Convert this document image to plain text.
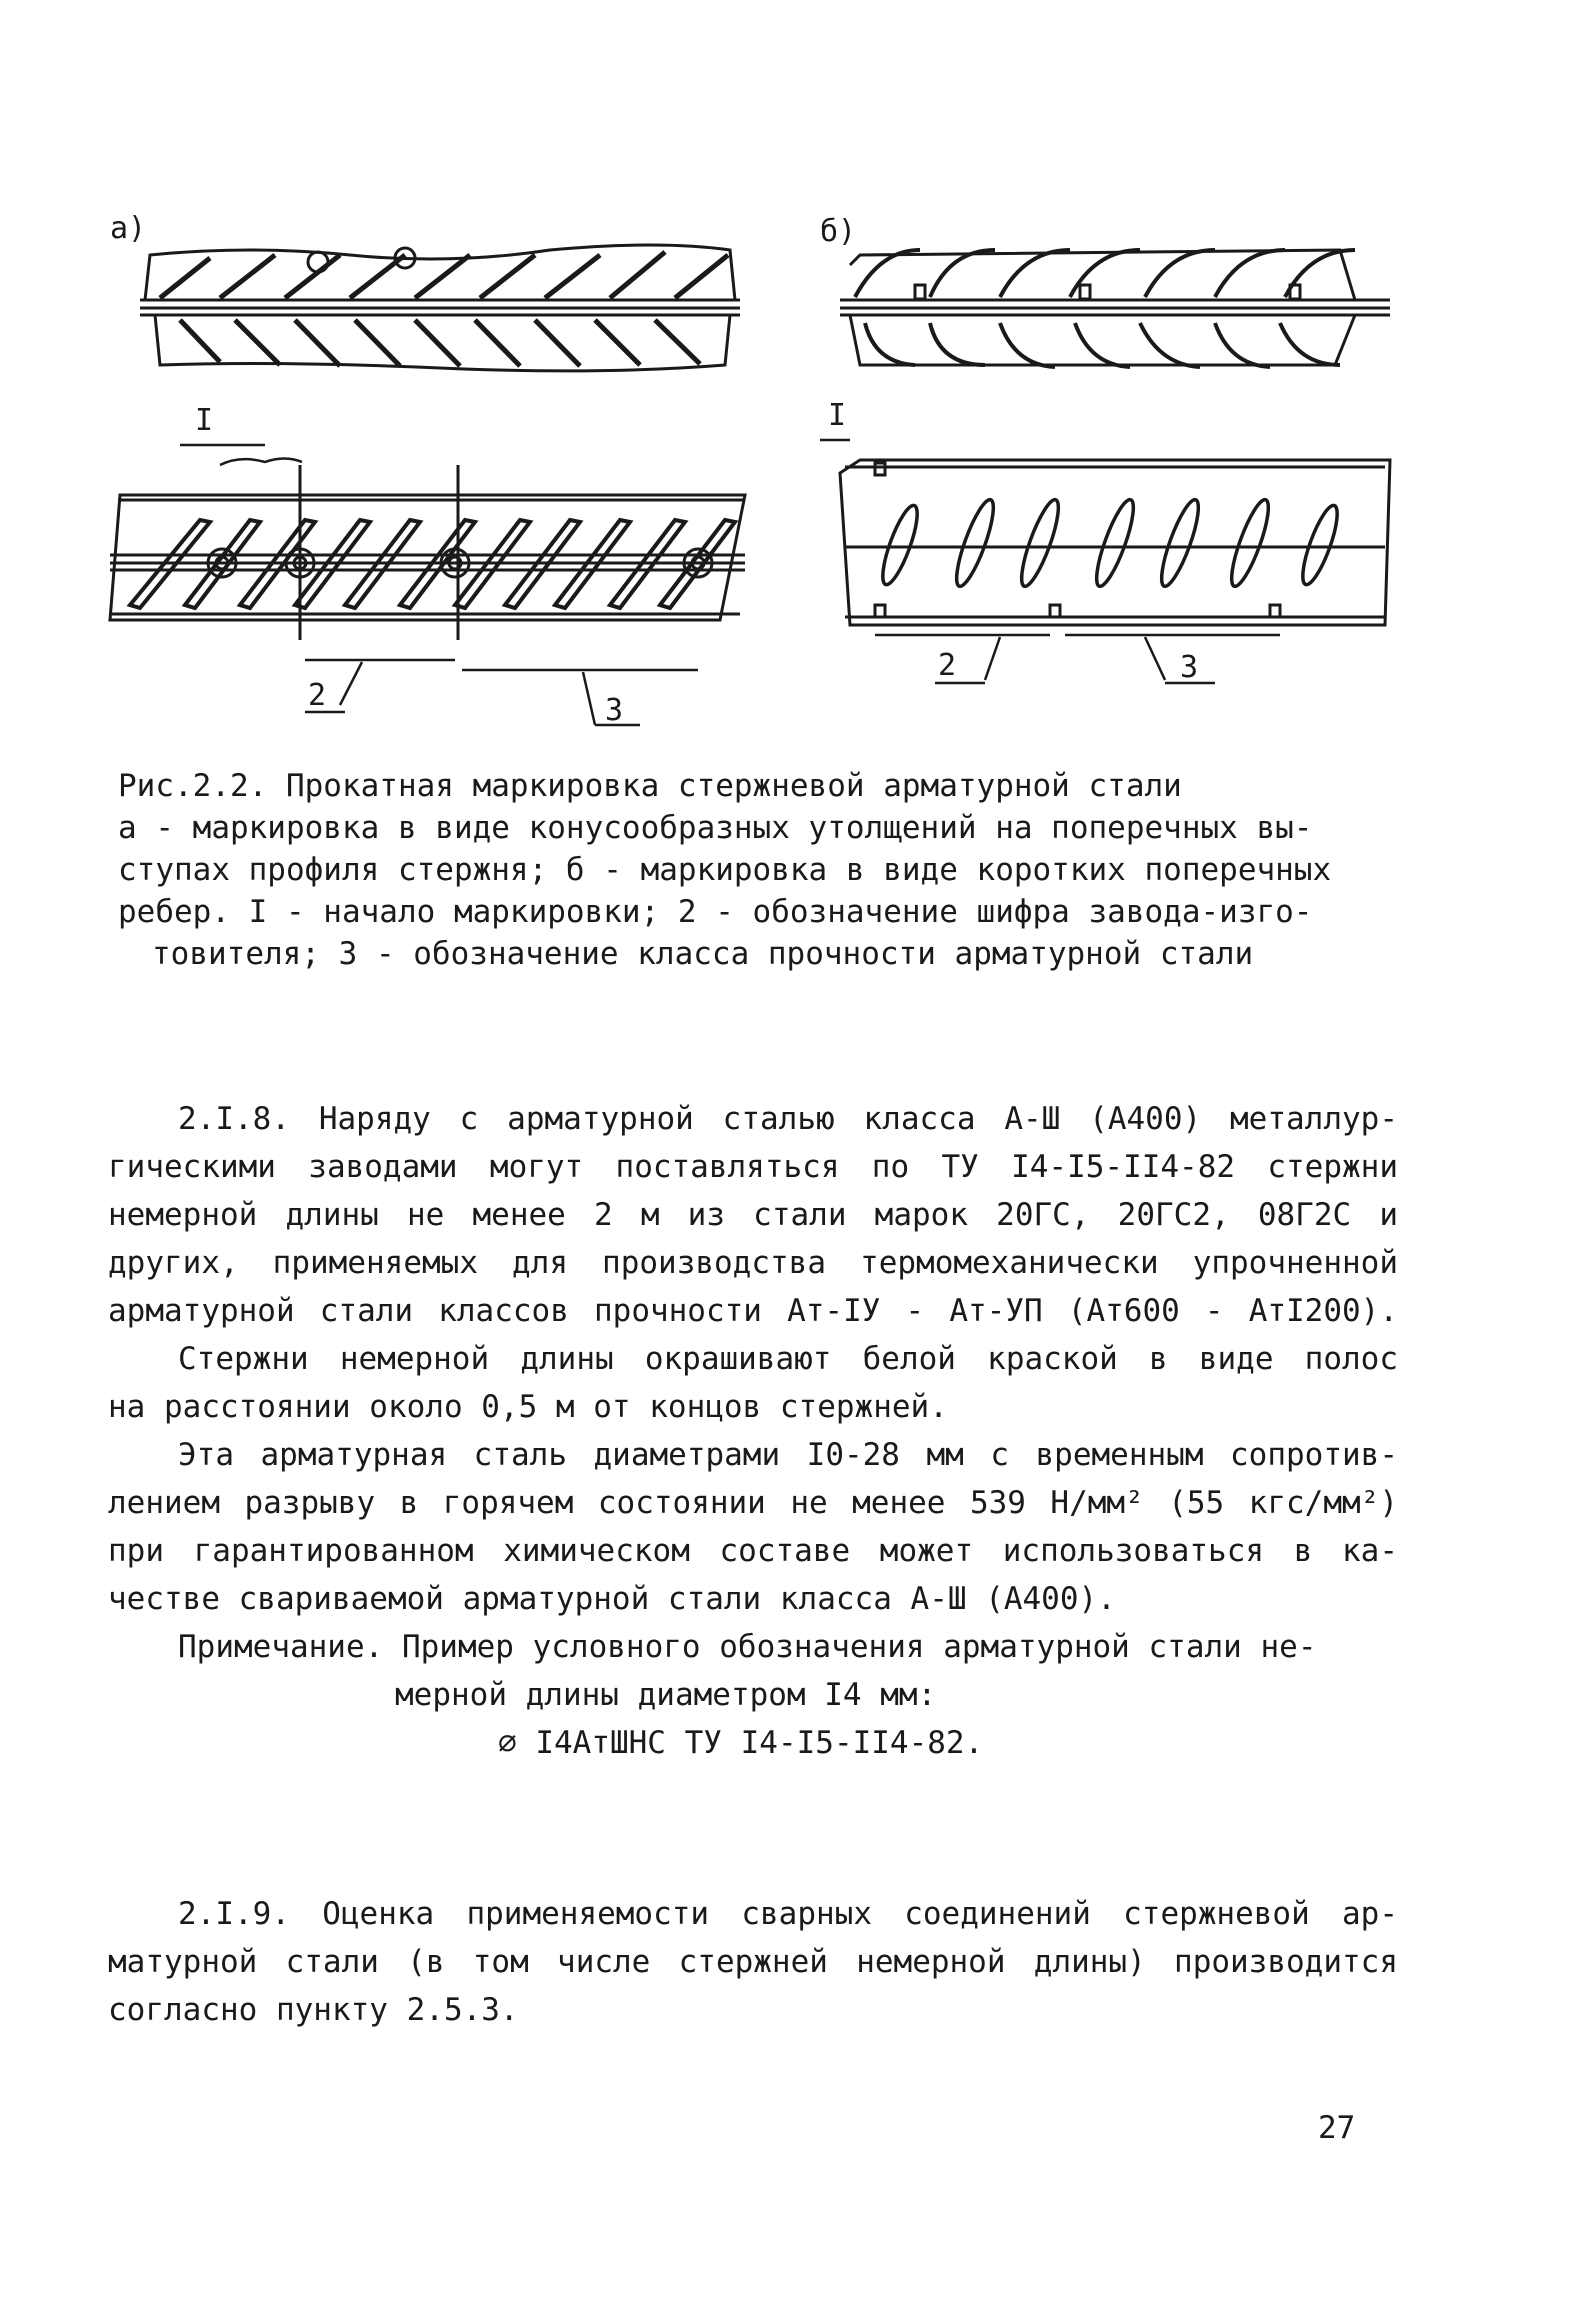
а)
I
2	3
б)
I
2	3

Рис.2.2. Прокатная маркировка стержневой арматурной стали

а - маркировка в виде конусообразных утолщений на поперечных вы-

ступах профиля стержня; б - маркировка в виде коротких поперечных

ребер. I - начало маркировки; 2 - обозначение шифра завода-изго-

товителя; 3 - обозначение класса прочности арматурной стали

2.I.8. Наряду с арматурной сталью класса А-Ш (А400) металлур-

гическими заводами могут поставляться по ТУ I4-I5-II4-82 стержни

немерной длины не менее 2 м из стали марок 20ГС, 20ГС2, 08Г2С и

других, применяемых для производства термомеханически упрочненной

арматурной стали классов прочности Ат-IУ - Ат-УП (Ат600 - АтI200).

Стержни немерной длины окрашивают белой краской в виде полос

на расстоянии около 0,5 м от концов стержней.

Эта арматурная сталь диаметрами I0-28 мм с временным сопротив-

лением разрыву в горячем состоянии не менее 539 Н/мм² (55 кгс/мм²)

при гарантированном химическом составе может использоваться в ка-

честве свариваемой арматурной стали класса А-Ш (А400).

Примечание. Пример условного обозначения арматурной стали не-

мерной длины диаметром I4 мм:

∅ I4АтШНС ТУ I4-I5-II4-82.

2.I.9. Оценка применяемости сварных соединений стержневой ар-

матурной стали (в том числе стержней немерной длины) производится

согласно пункту 2.5.3.

27
